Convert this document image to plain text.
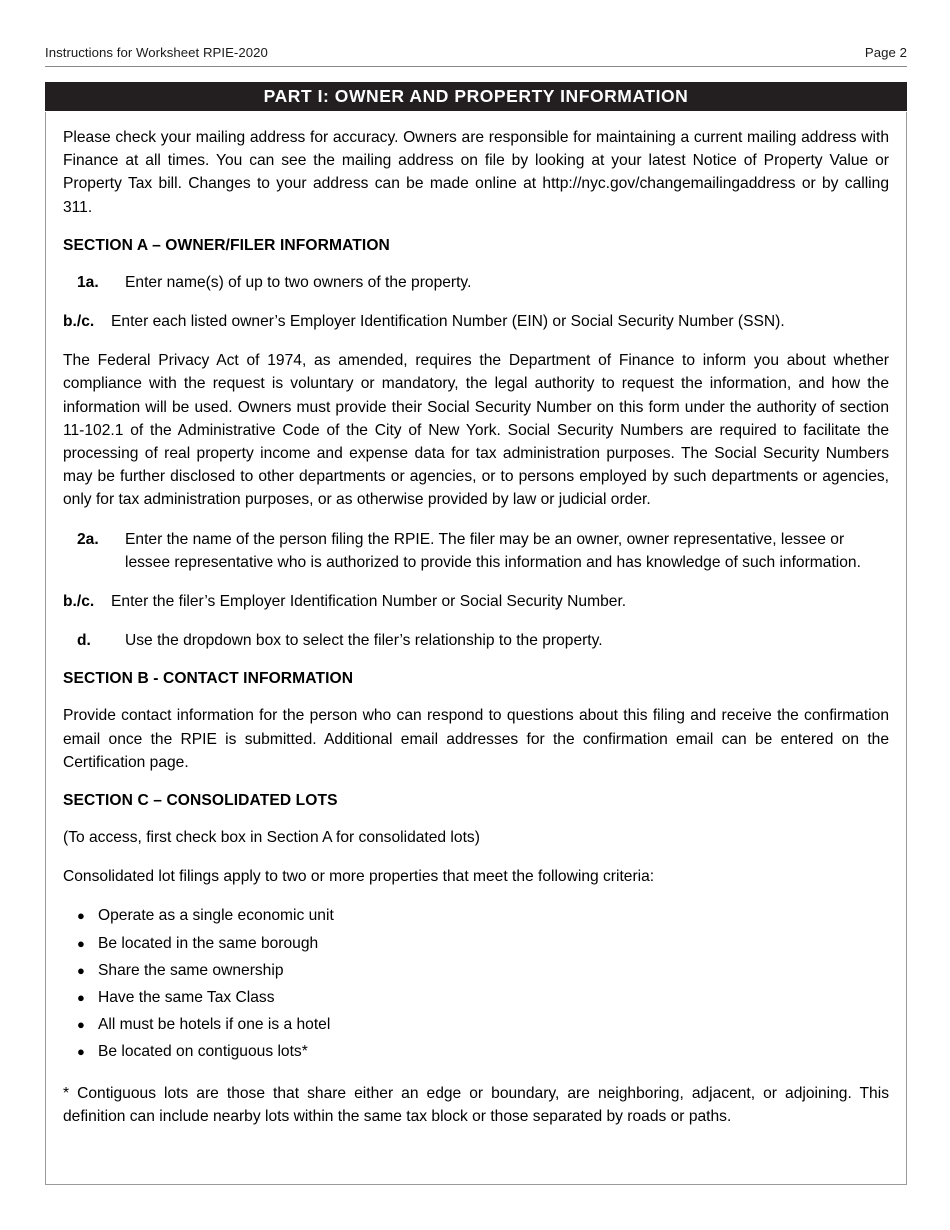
Instructions for Worksheet RPIE-2020	Page 2
PART I: OWNER AND PROPERTY INFORMATION

Please check your mailing address for accuracy. Owners are responsible for maintaining a current mailing address with Finance at all times. You can see the mailing address on file by looking at your latest Notice of Property Value or Property Tax bill. Changes to your address can be made online at http://nyc.gov/changemailingaddress or by calling 311.

SECTION A – OWNER/FILER INFORMATION
1a.	Enter name(s) of up to two owners of the property.
b./c.	Enter each listed owner’s Employer Identification Number (EIN) or Social Security Number (SSN).

The Federal Privacy Act of 1974, as amended, requires the Department of Finance to inform you about whether compliance with the request is voluntary or mandatory, the legal authority to request the information, and how the information will be used. Owners must provide their Social Security Number on this form under the authority of section 11-102.1 of the Administrative Code of the City of New York. Social Security Numbers are required to facilitate the processing of real property income and expense data for tax administration purposes. The Social Security Numbers may be further disclosed to other departments or agencies, or to persons employed by such departments or agencies, only for tax administration purposes, or as otherwise provided by law or judicial order.

2a.	Enter the name of the person filing the RPIE. The filer may be an owner, owner representative, lessee or lessee representative who is authorized to provide this information and has knowledge of such information.
b./c.	Enter the filer’s Employer Identification Number or Social Security Number.
d.	Use the dropdown box to select the filer’s relationship to the property.
SECTION B - CONTACT INFORMATION

Provide contact information for the person who can respond to questions about this filing and receive the confirmation email once the RPIE is submitted. Additional email addresses for the confirmation email can be entered on the Certification page.

SECTION C – CONSOLIDATED LOTS

(To access, first check box in Section A for consolidated lots)

Consolidated lot filings apply to two or more properties that meet the following criteria:

● Operate as a single economic unit
● Be located in the same borough
● Share the same ownership
● Have the same Tax Class
● All must be hotels if one is a hotel
● Be located on contiguous lots*

* Contiguous lots are those that share either an edge or boundary, are neighboring, adjacent, or adjoining. This definition can include nearby lots within the same tax block or those separated by roads or paths.
